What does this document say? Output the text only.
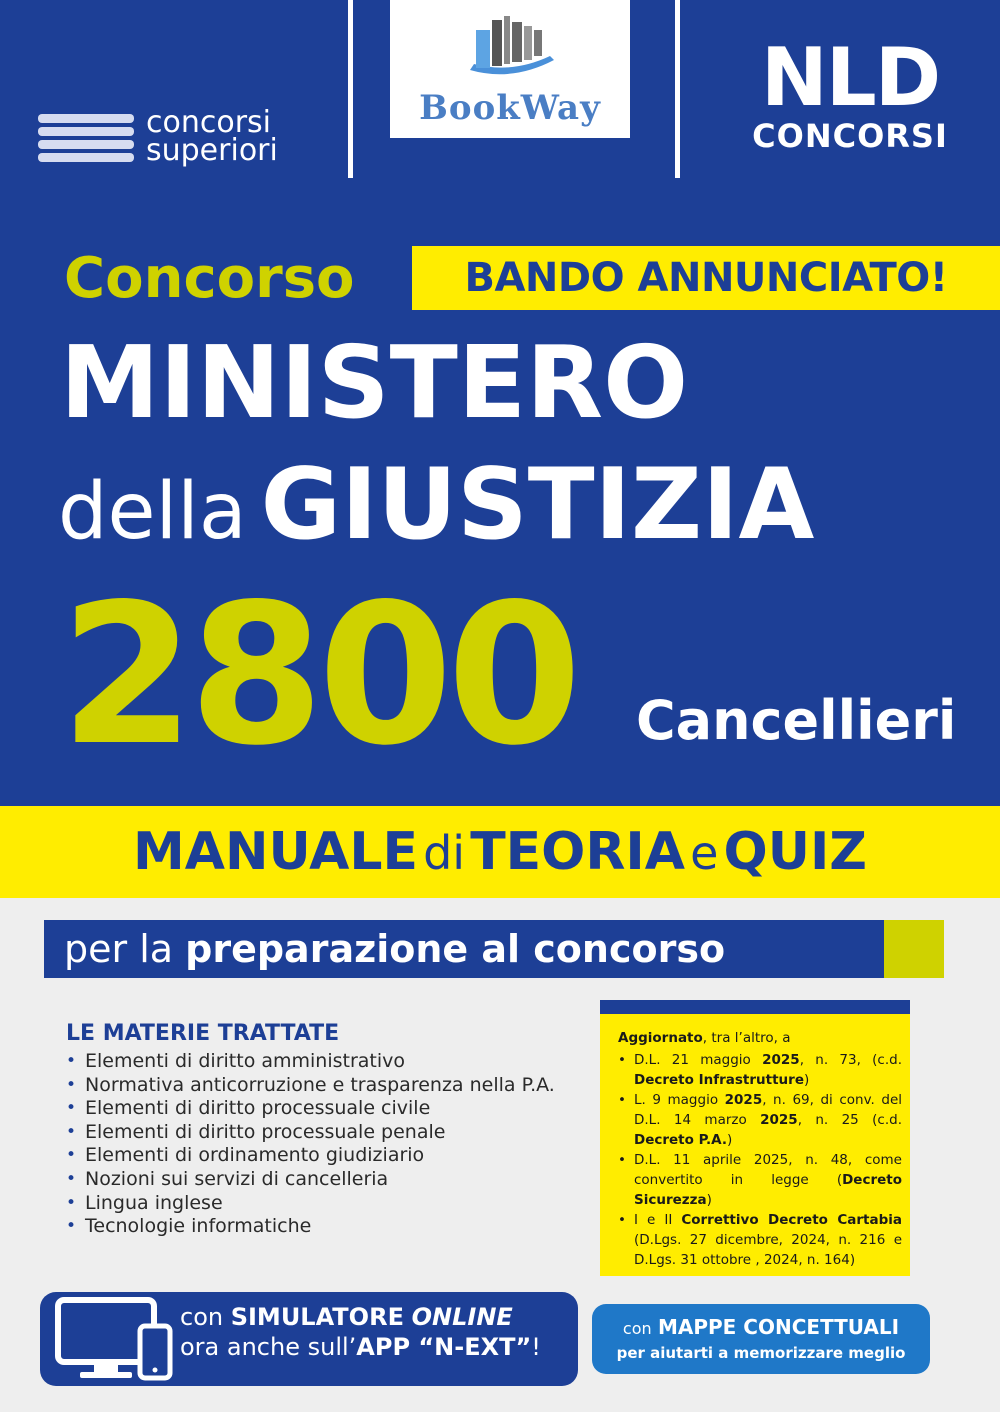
concorsi
superiori
BookWay NLD
CONCORSI
Concorso	BANDO ANNUNCIATO!
MINISTERO
della GIUSTIZIA
2800 Cancellieri
MANUALE di TEORIA e QUIZ
per la preparazione al concorso
LE MATERIE TRATTATE
• Elementi di diritto amministrativo
• Normativa anticorruzione e trasparenza nella P.A.
• Elementi di diritto processuale civile
• Elementi di diritto processuale penale
• Elementi di ordinamento giudiziario
• Nozioni sui servizi di cancelleria
• Lingua inglese
• Tecnologie informatiche
Aggiornato, tra l’altro, a
• D.L. 21 maggio 2025, n. 73, (c.d. Decreto Infrastrutture)
• L. 9 maggio 2025, n. 69, di conv. del D.L. 14 marzo 2025, n. 25 (c.d. Decreto P.A.)
• D.L. 11 aprile 2025, n. 48, come convertito in legge (Decreto Sicurezza)
• I e II Correttivo Decreto Cartabia (D.Lgs. 27 dicembre, 2024, n. 216 e D.Lgs. 31 ottobre , 2024, n. 164)
con SIMULATORE ONLINE
ora anche sull’APP “N-EXT”!
con MAPPE CONCETTUALI
per aiutarti a memorizzare meglio
